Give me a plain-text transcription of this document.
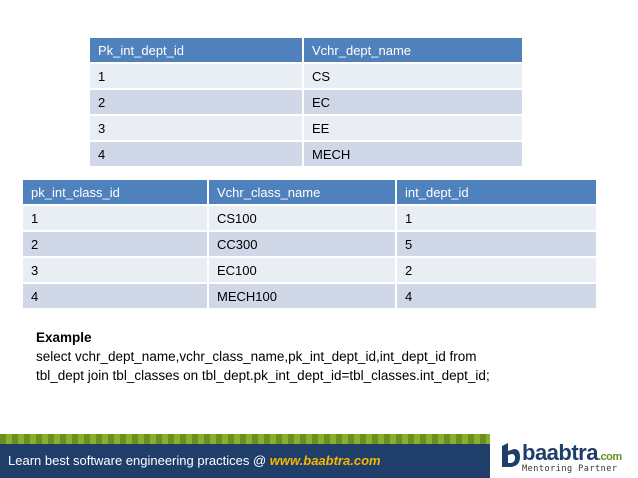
Pk_int_dept_id	Vchr_dept_name
1	CS
2	EC
3	EE
4	MECH
pk_int_class_id	Vchr_class_name	int_dept_id
1	CS100	1
2	CC300	5
3	EC100	2
4	MECH100	4
Example
select vchr_dept_name,vchr_class_name,pk_int_dept_id,int_dept_id from
tbl_dept join tbl_classes on tbl_dept.pk_int_dept_id=tbl_classes.int_dept_id;
Learn best software engineering practices @ www.baabtra.com	baabtra.com
Mentoring Partner
